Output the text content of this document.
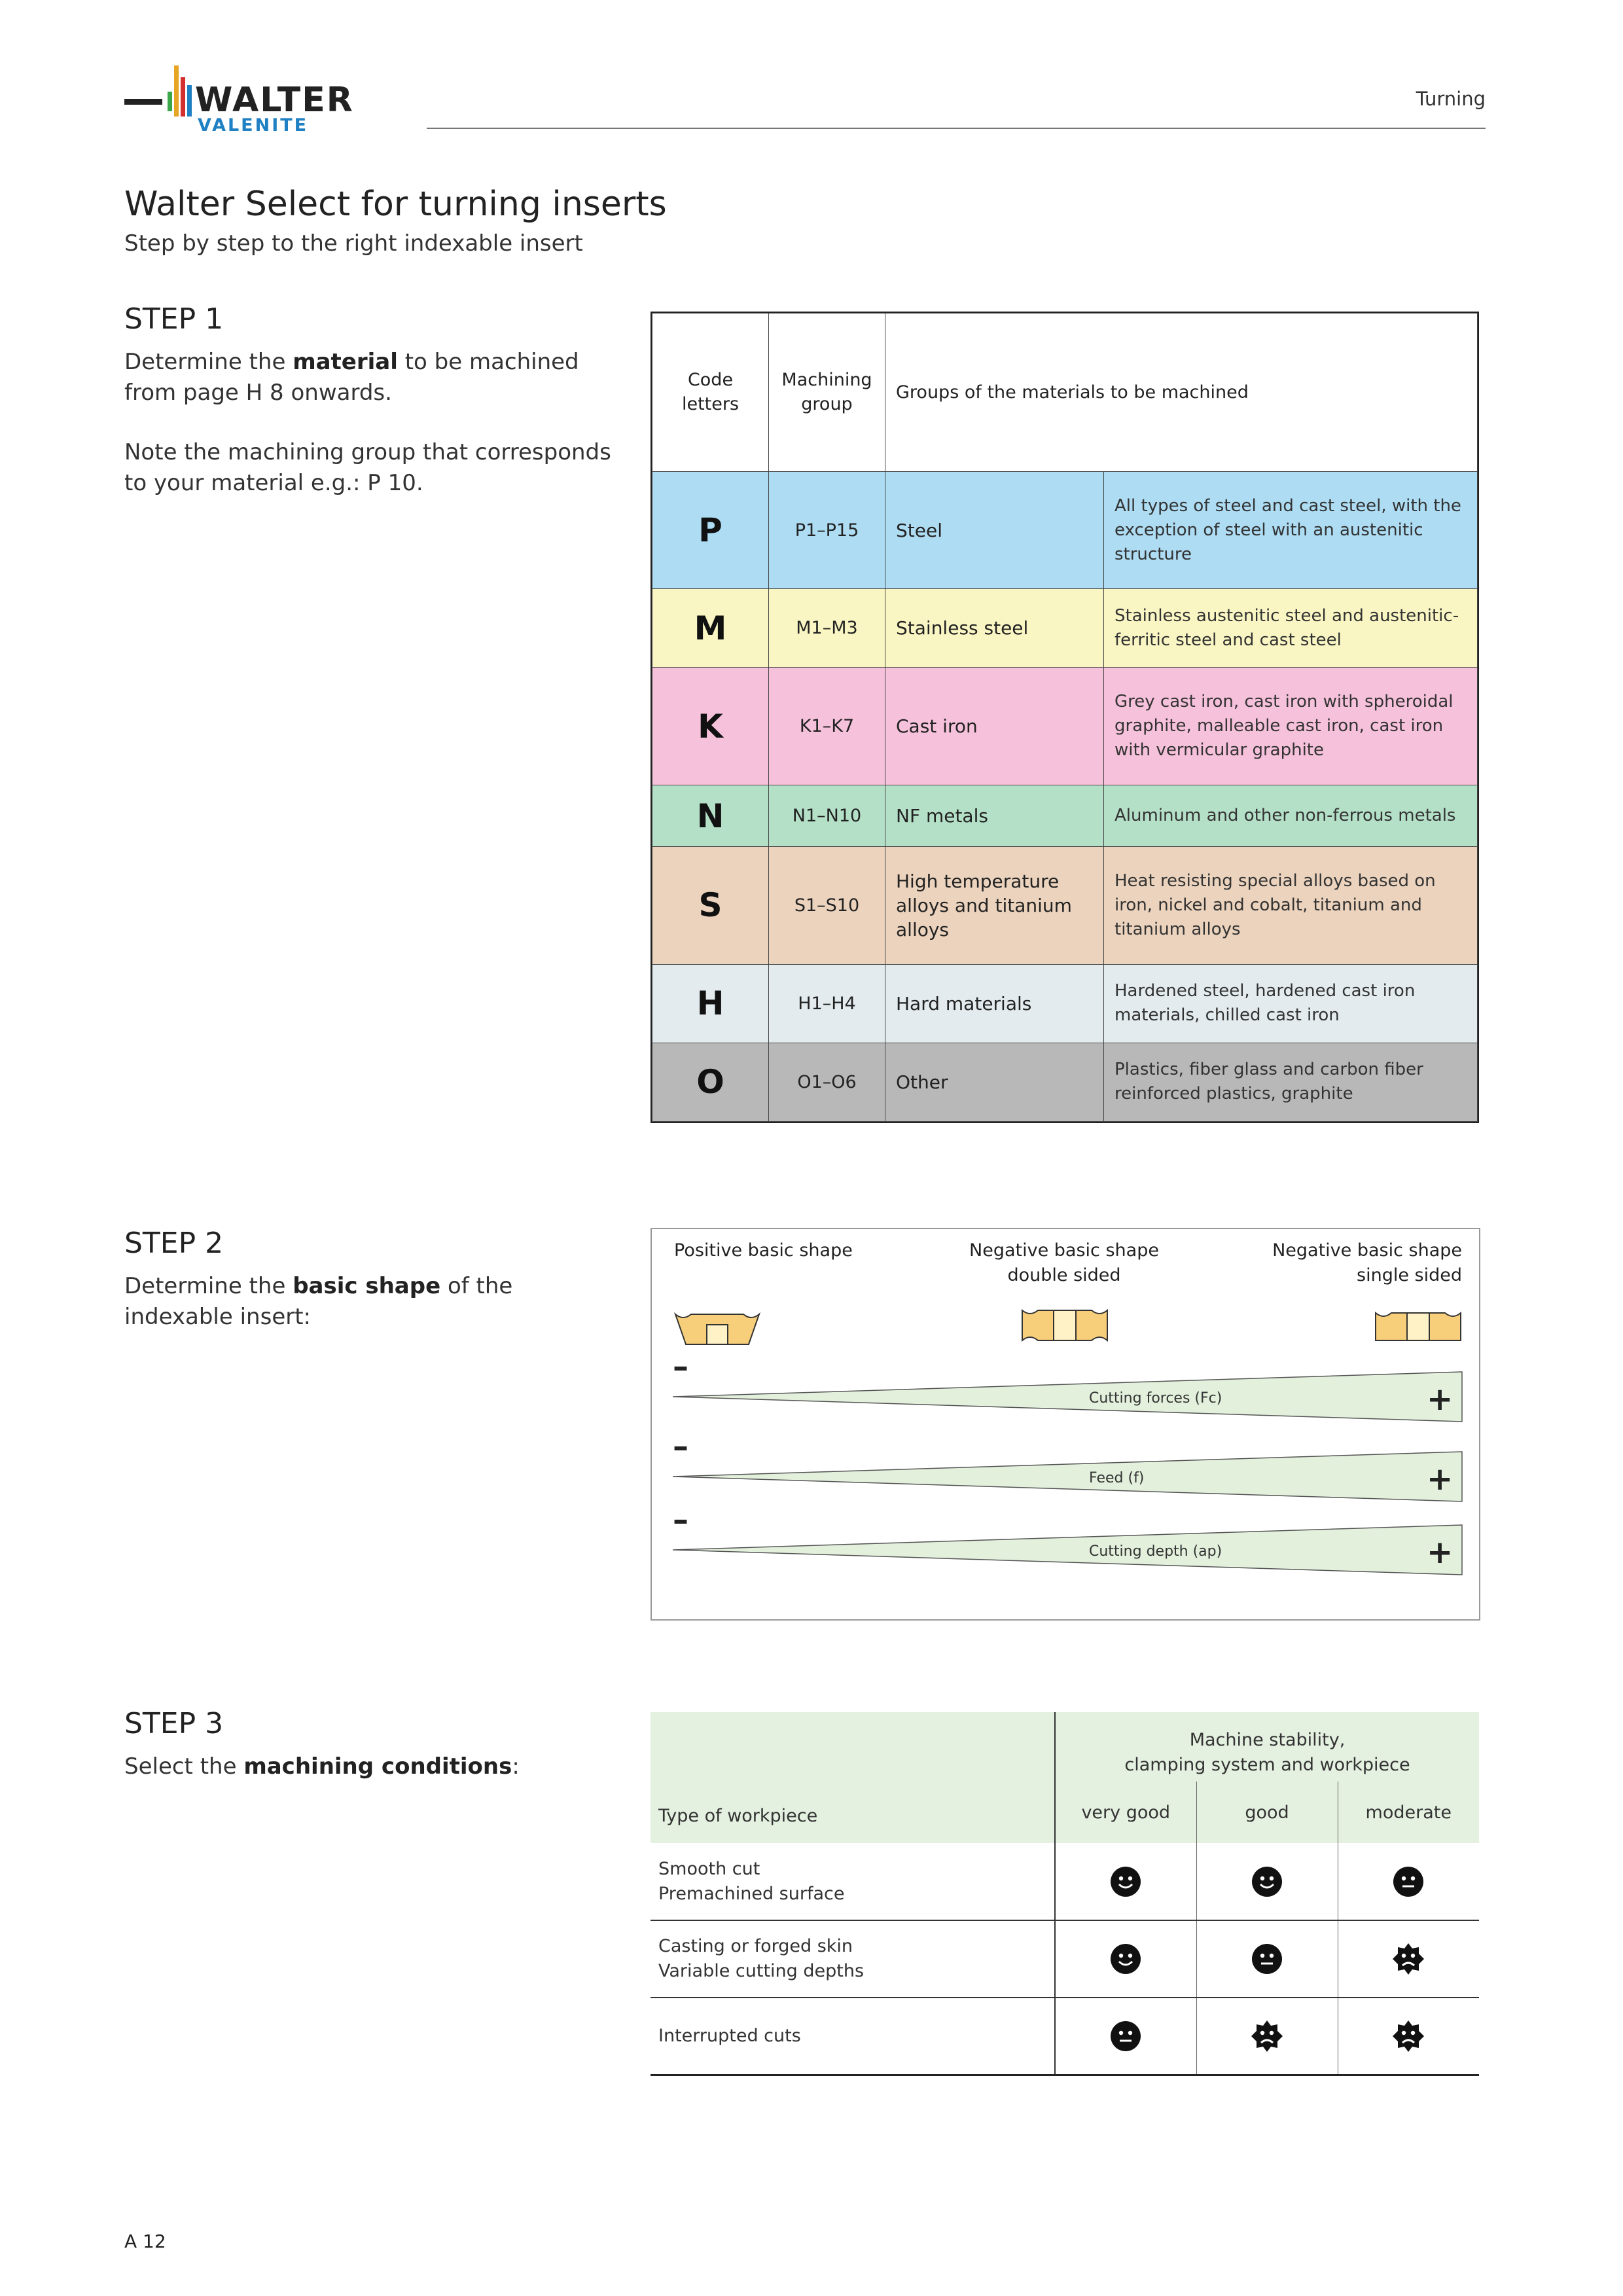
WALTER
VALENITE
Turning
Walter Select for turning inserts
Step by step to the right indexable insert
STEP 1
Determine the material to be machined from page H 8 onwards.
Note the machining group that corresponds to your material e.g.: P 10.
Code letters	Machining group	Groups of the materials to be machined	
P	P1–P15	Steel	All types of steel and cast steel, with the exception of steel with an austenitic structure
M	M1–M3	Stainless steel	Stainless austenitic steel and austenitic-ferritic steel and cast steel
K	K1–K7	Cast iron	Grey cast iron, cast iron with spheroidal graphite, malleable cast iron, cast iron with vermicular graphite
N	N1–N10	NF metals	Aluminum and other non-ferrous metals
S	S1–S10	High temperature alloys and titanium alloys	Heat resisting special alloys based on iron, nickel and cobalt, titanium and titanium alloys
H	H1–H4	Hard materials	Hardened steel, hardened cast iron materials, chilled cast iron
O	O1–O6	Other	Plastics, fiber glass and carbon fiber reinforced plastics, graphite
STEP 2
Determine the basic shape of the indexable insert:
Positive basic shape	Negative basic shape
double sided
Negative basic shape
single sided
–
Cutting forces (Fc)	+
–
Feed (f)	+
–
Cutting depth (ap)	+
STEP 3
Select the machining conditions:
Type of workpiece	Machine stability,
clamping system and workpiece		

	very good	good	moderate

Smooth cut
Premachined surface

Casting or forged skin
Variable cutting depths

Interrupted cuts

A 12
